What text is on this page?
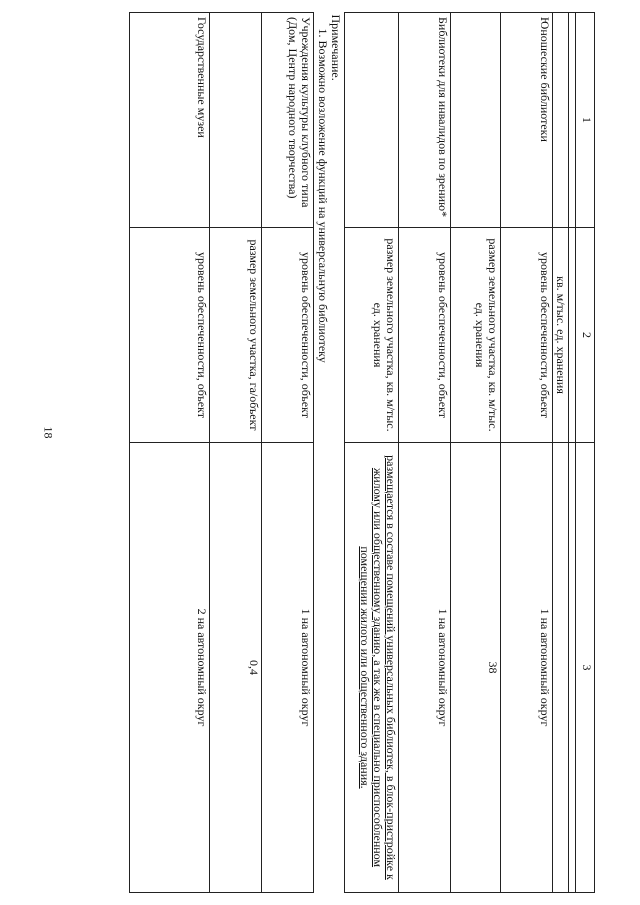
18
1	2	3

	кв. м/тыс. ед. хранения	
Юношеские библиотеки	уровень обеспеченности, объект	1 на автономный округ
	размер земельного участка, кв. м/тыс. ед. хранения	38
Библиотеки для инвалидов по зрению*	уровень обеспеченности, объект	1 на автономный округ
	размер земельного участка, кв. м/тыс. ед. хранения	размещается в составе помещений универсальных библиотек, в блок-пристройке к жилому или общественному зданию, а так же в специально приспособленном помещении жилого или общественного здания.

Примечание.
1. Возможно возложение функций на универсальную библиотеку		

Учреждения культуры клубного типа (Дом, Центр народного творчества)	уровень обеспеченности, объект	1 на автономный округ
	размер земельного участка, га/объект	0,4
Государственные музеи	уровень обеспеченности, объект	2 на автономный округ
